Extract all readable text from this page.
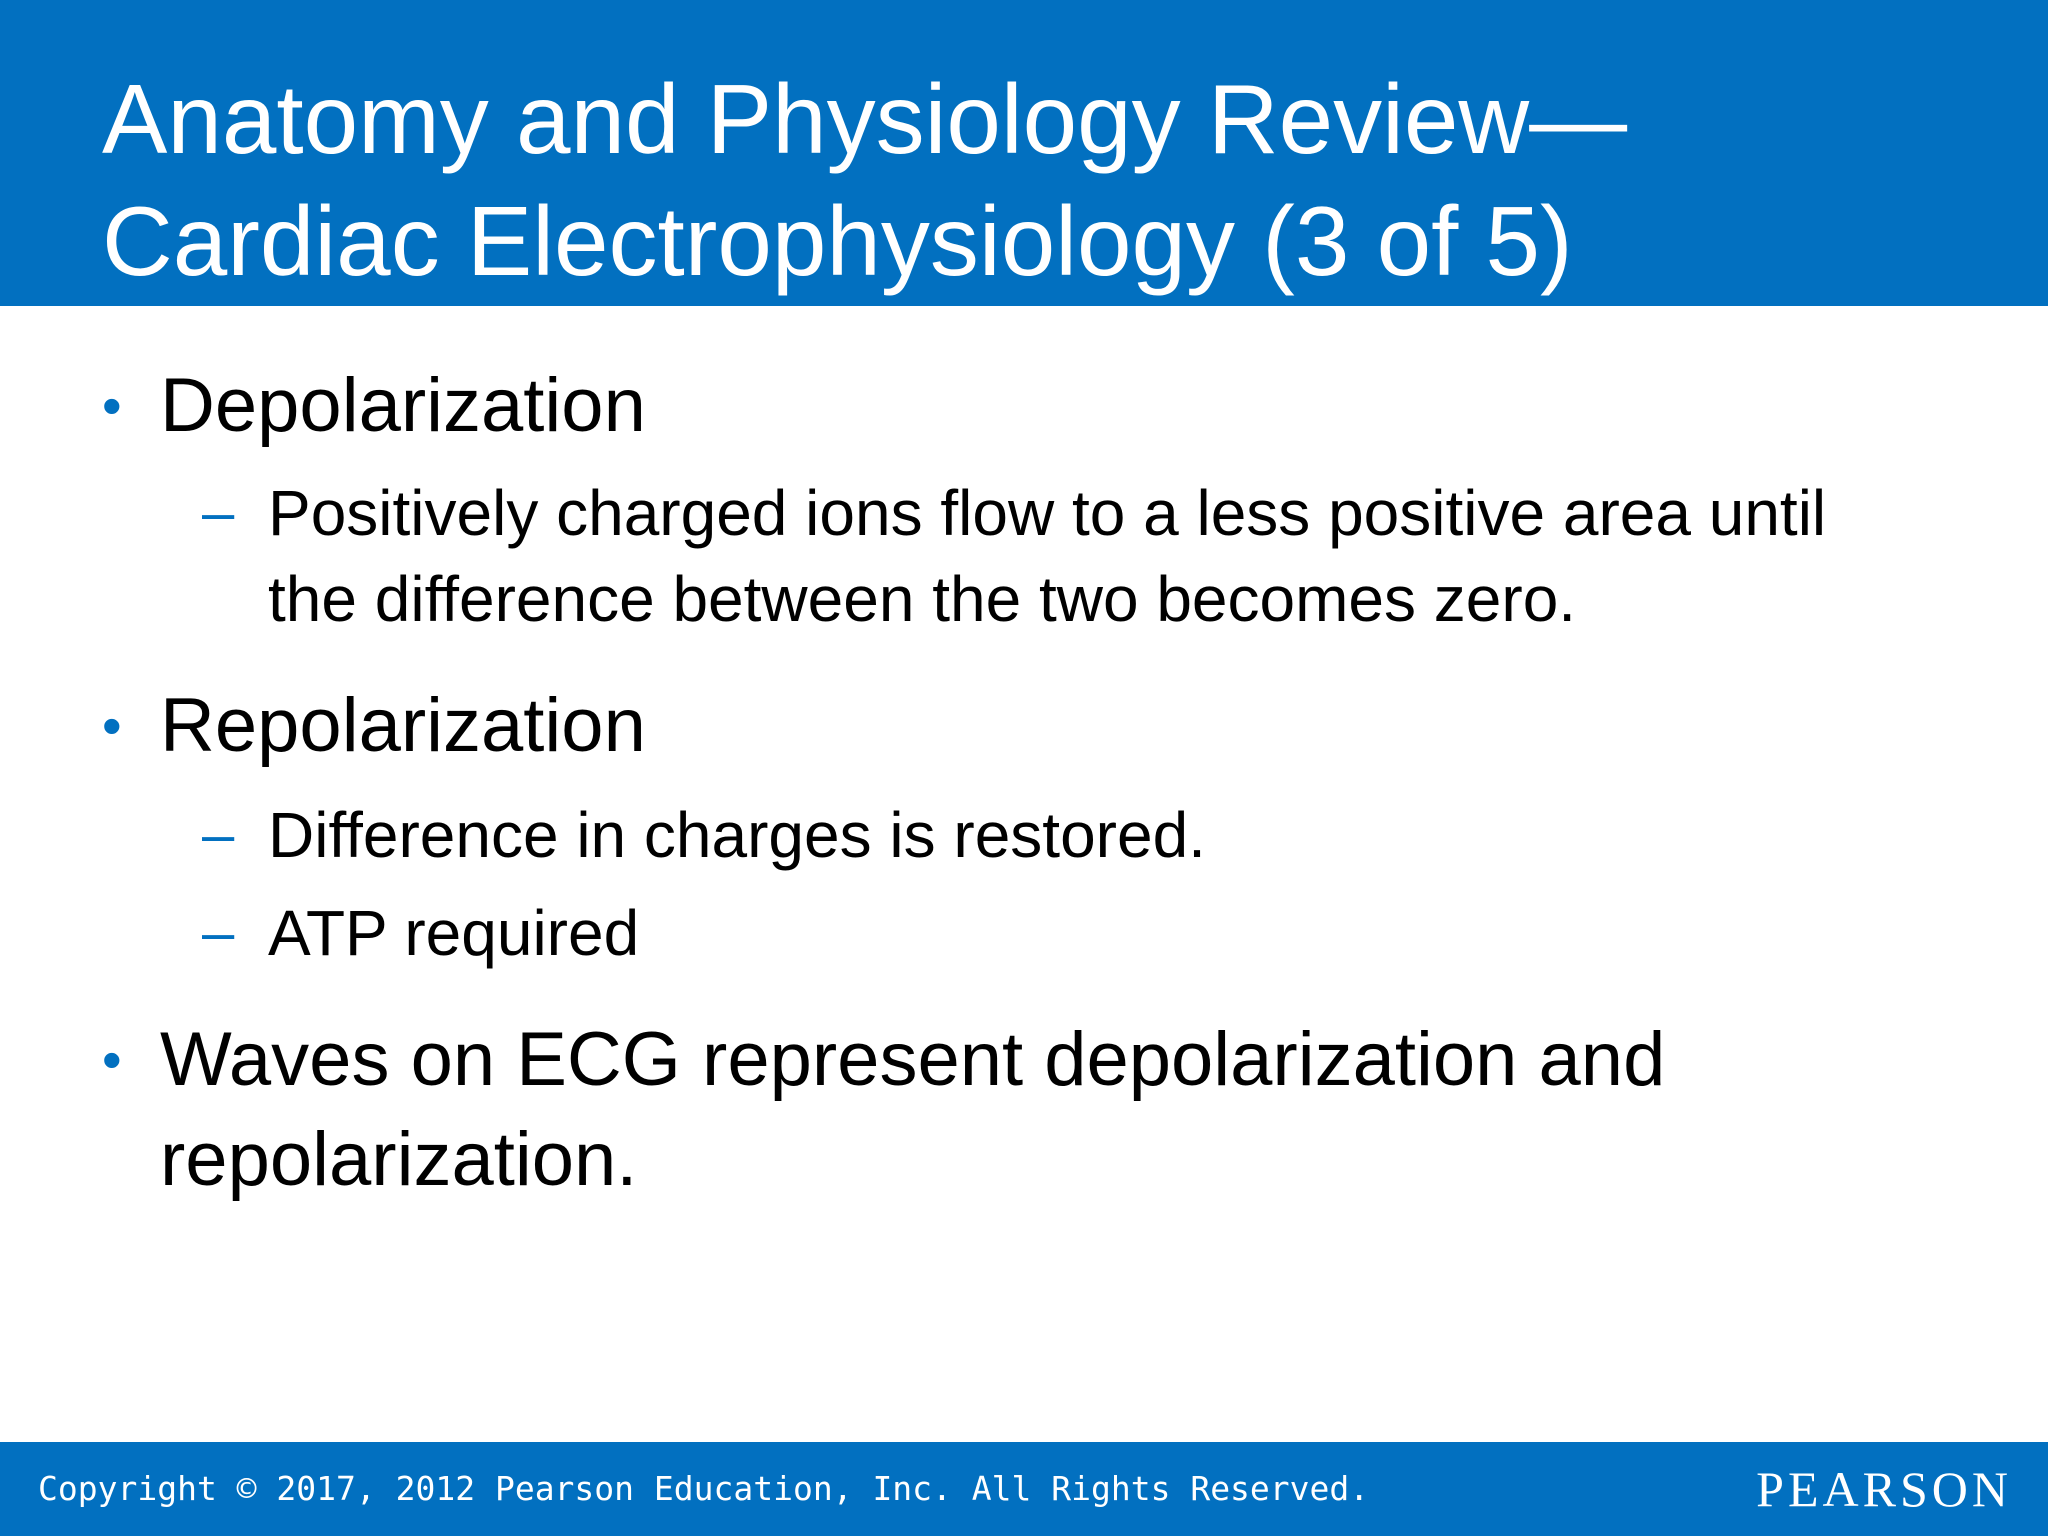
Anatomy and Physiology Review—
Cardiac Electrophysiology (3 of 5)
• Depolarization
– Positively charged ions flow to a less positive area until
the difference between the two becomes zero.
• Repolarization
– Difference in charges is restored.
– ATP required
• Waves on ECG represent depolarization and
repolarization.
Copyright © 2017, 2012 Pearson Education, Inc. All Rights Reserved.	PEARSON
